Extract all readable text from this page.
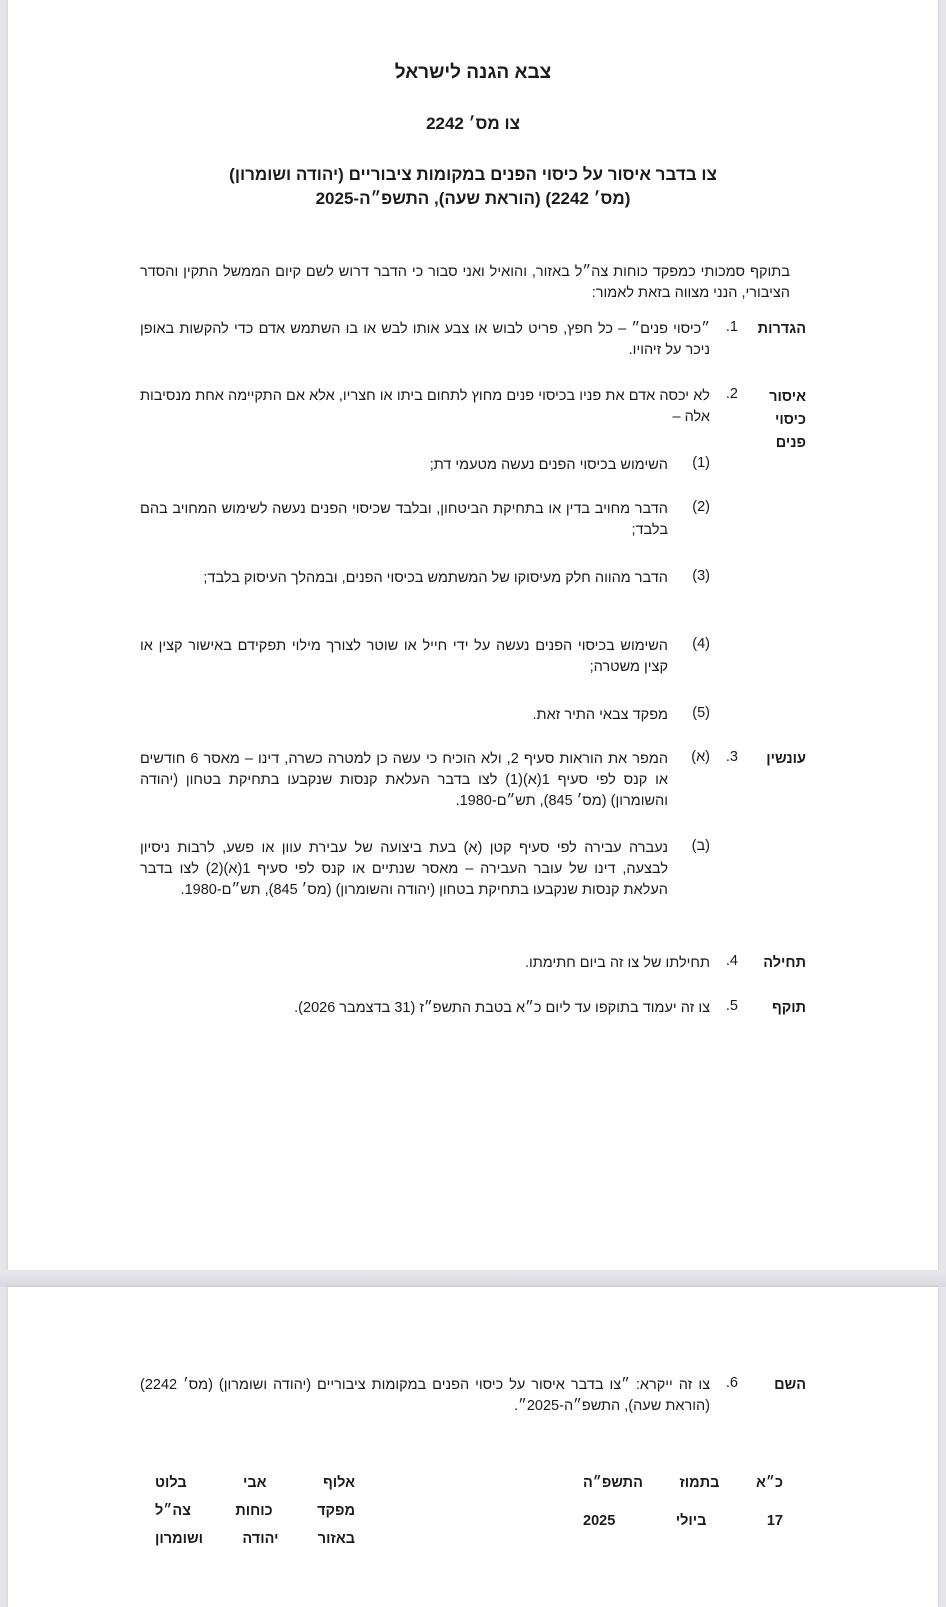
צבא הגנה לישראל
צו מס׳ 2242
צו בדבר איסור על כיסוי הפנים במקומות ציבוריים (יהודה ושומרון)
(מס׳ 2242) (הוראת שעה), התשפ״ה-2025
בתוקף סמכותי כמפקד כוחות צה״ל באזור, והואיל ואני סבור כי הדבר דרוש לשם קיום הממשל התקין והסדר הציבורי, הנני מצווה בזאת לאמור:
הגדרות
1.
״כיסוי פנים״ – כל חפץ, פריט לבוש או צבע אותו לבש או בו השתמש אדם כדי להקשות באופן ניכר על זיהויו.
איסור כיסוי פנים
2.
לא יכסה אדם את פניו בכיסוי פנים מחוץ לתחום ביתו או חצריו, אלא אם התקיימה אחת מנסיבות אלה –
(1)
השימוש בכיסוי הפנים נעשה מטעמי דת;
(2)
הדבר מחויב בדין או בתחיקת הביטחון, ובלבד שכיסוי הפנים נעשה לשימוש המחויב בהם בלבד;
(3)
הדבר מהווה חלק מעיסוקו של המשתמש בכיסוי הפנים, ובמהלך העיסוק בלבד;
(4)
השימוש בכיסוי הפנים נעשה על ידי חייל או שוטר לצורך מילוי תפקידם באישור קצין או קצין משטרה;
(5)
מפקד צבאי התיר זאת.
עונשין
3.
(א)
המפר את הוראות סעיף 2, ולא הוכיח כי עשה כן למטרה כשרה, דינו – מאסר 6 חודשים או קנס לפי סעיף 1(א)(1) לצו בדבר העלאת קנסות שנקבעו בתחיקת בטחון (יהודה והשומרון) (מס׳ 845), תש״ם-1980.
(ב)
נעברה עבירה לפי סעיף קטן (א) בעת ביצועה של עבירת עוון או פשע, לרבות ניסיון לבצעה, דינו של עובר העבירה – מאסר שנתיים או קנס לפי סעיף 1(א)(2) לצו בדבר העלאת קנסות שנקבעו בתחיקת בטחון (יהודה והשומרון) (מס׳ 845), תש״ם-1980.
תחילה
4.
תחילתו של צו זה ביום חתימתו.
תוקף
5.
צו זה יעמוד בתוקפו עד ליום כ״א בטבת התשפ״ז (31 בדצמבר 2026).
השם
6.
צו זה ייקרא: ״צו בדבר איסור על כיסוי הפנים במקומות ציבוריים (יהודה ושומרון) (מס׳ 2242) (הוראת שעה), התשפ״ה-2025״.
כ״א
בתמוז
התשפ״ה
17
ביולי
2025
אלוף
אבי
בלוט
מפקד
כוחות
צה״ל
באזור
יהודה
ושומרון
